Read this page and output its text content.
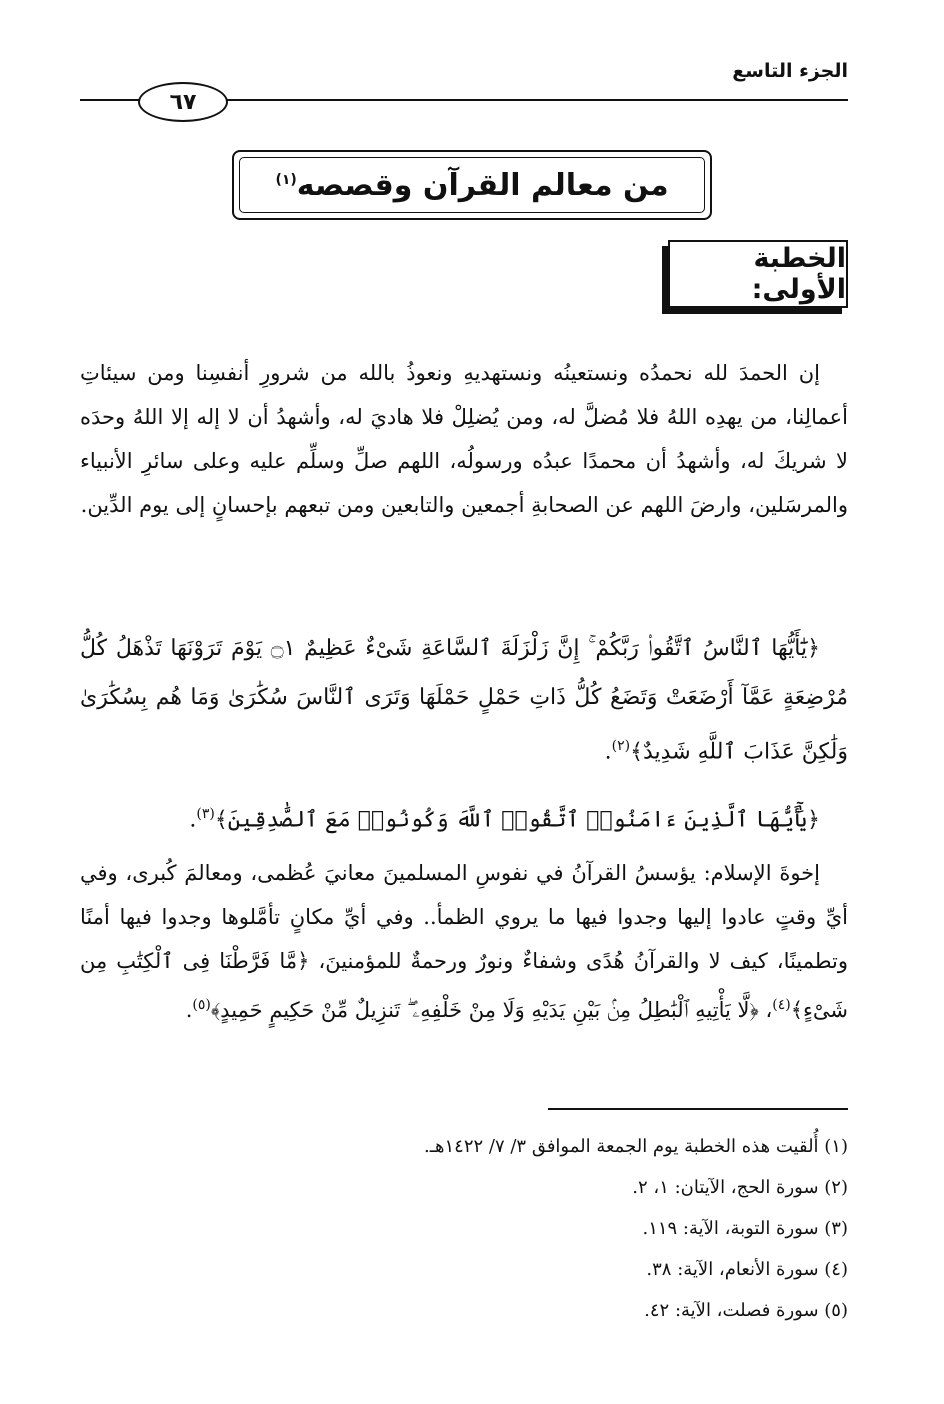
الجزء التاسع
٦٧
من معالم القرآن وقصصه$^{(١)}$
الخطبة الأولى:

إن الحمدَ لله نحمدُه ونستعينُه ونستهديهِ ونعوذُ بالله من شرورِ أنفسِنا ومن سيئاتِ أعمالِنا، من يهدِه اللهُ فلا مُضلَّ له، ومن يُضلِلْ فلا هاديَ له، وأشهدُ أن لا إله إلا اللهُ وحدَه لا شريكَ له، وأشهدُ أن محمدًا عبدُه ورسولُه، اللهم صلِّ وسلِّم عليه وعلى سائرِ الأنبياء والمرسَلين، وارضَ اللهم عن الصحابةِ أجمعين والتابعين ومن تبعهم بإحسانٍ إلى يوم الدِّين.

﴿يَٰٓأَيُّهَا ٱلنَّاسُ ٱتَّقُوا۟ رَبَّكُمْ ۚ إِنَّ زَلْزَلَةَ ٱلسَّاعَةِ شَىْءٌ عَظِيمٌ ۝١ يَوْمَ تَرَوْنَهَا تَذْهَلُ كُلُّ مُرْضِعَةٍ عَمَّآ أَرْضَعَتْ وَتَضَعُ كُلُّ ذَاتِ حَمْلٍ حَمْلَهَا وَتَرَى ٱلنَّاسَ سُكَٰرَىٰ وَمَا هُم بِسُكَٰرَىٰ وَلَٰكِنَّ عَذَابَ ٱللَّهِ شَدِيدٌ﴾$^{(٢)}$.

﴿يَٰٓأَيُّهَا ٱلَّذِينَ ءَامَنُوا۟ ٱتَّقُوا۟ ٱللَّهَ وَكُونُوا۟ مَعَ ٱلصَّٰدِقِينَ﴾$^{(٣)}$.

إخوةَ الإسلام: يؤسسُ القرآنُ في نفوسِ المسلمينَ معانيَ عُظمى، ومعالمَ كُبرى، وفي أيِّ وقتٍ عادوا إليها وجدوا فيها ما يروي الظمأ.. وفي أيِّ مكانٍ تأمَّلوها وجدوا فيها أمنًا وتطمينًا، كيف لا والقرآنُ هُدًى وشفاءٌ ونورٌ ورحمةٌ للمؤمنينَ، ﴿مَّا فَرَّطْنَا فِى ٱلْكِتَٰبِ مِن شَىْءٍ﴾$^{(٤)}$، ﴿لَّا يَأْتِيهِ ٱلْبَٰطِلُ مِنۢ بَيْنِ يَدَيْهِ وَلَا مِنْ خَلْفِهِۦ ۖ تَنزِيلٌ مِّنْ حَكِيمٍ حَمِيدٍ﴾$^{(٥)}$.

(١) أُلقيت هذه الخطبة يوم الجمعة الموافق ٣/ ٧/ ١٤٢٢هـ.
(٢) سورة الحج، الآيتان: ١، ٢.
(٣) سورة التوبة، الآية: ١١٩.
(٤) سورة الأنعام، الآية: ٣٨.
(٥) سورة فصلت، الآية: ٤٢.
